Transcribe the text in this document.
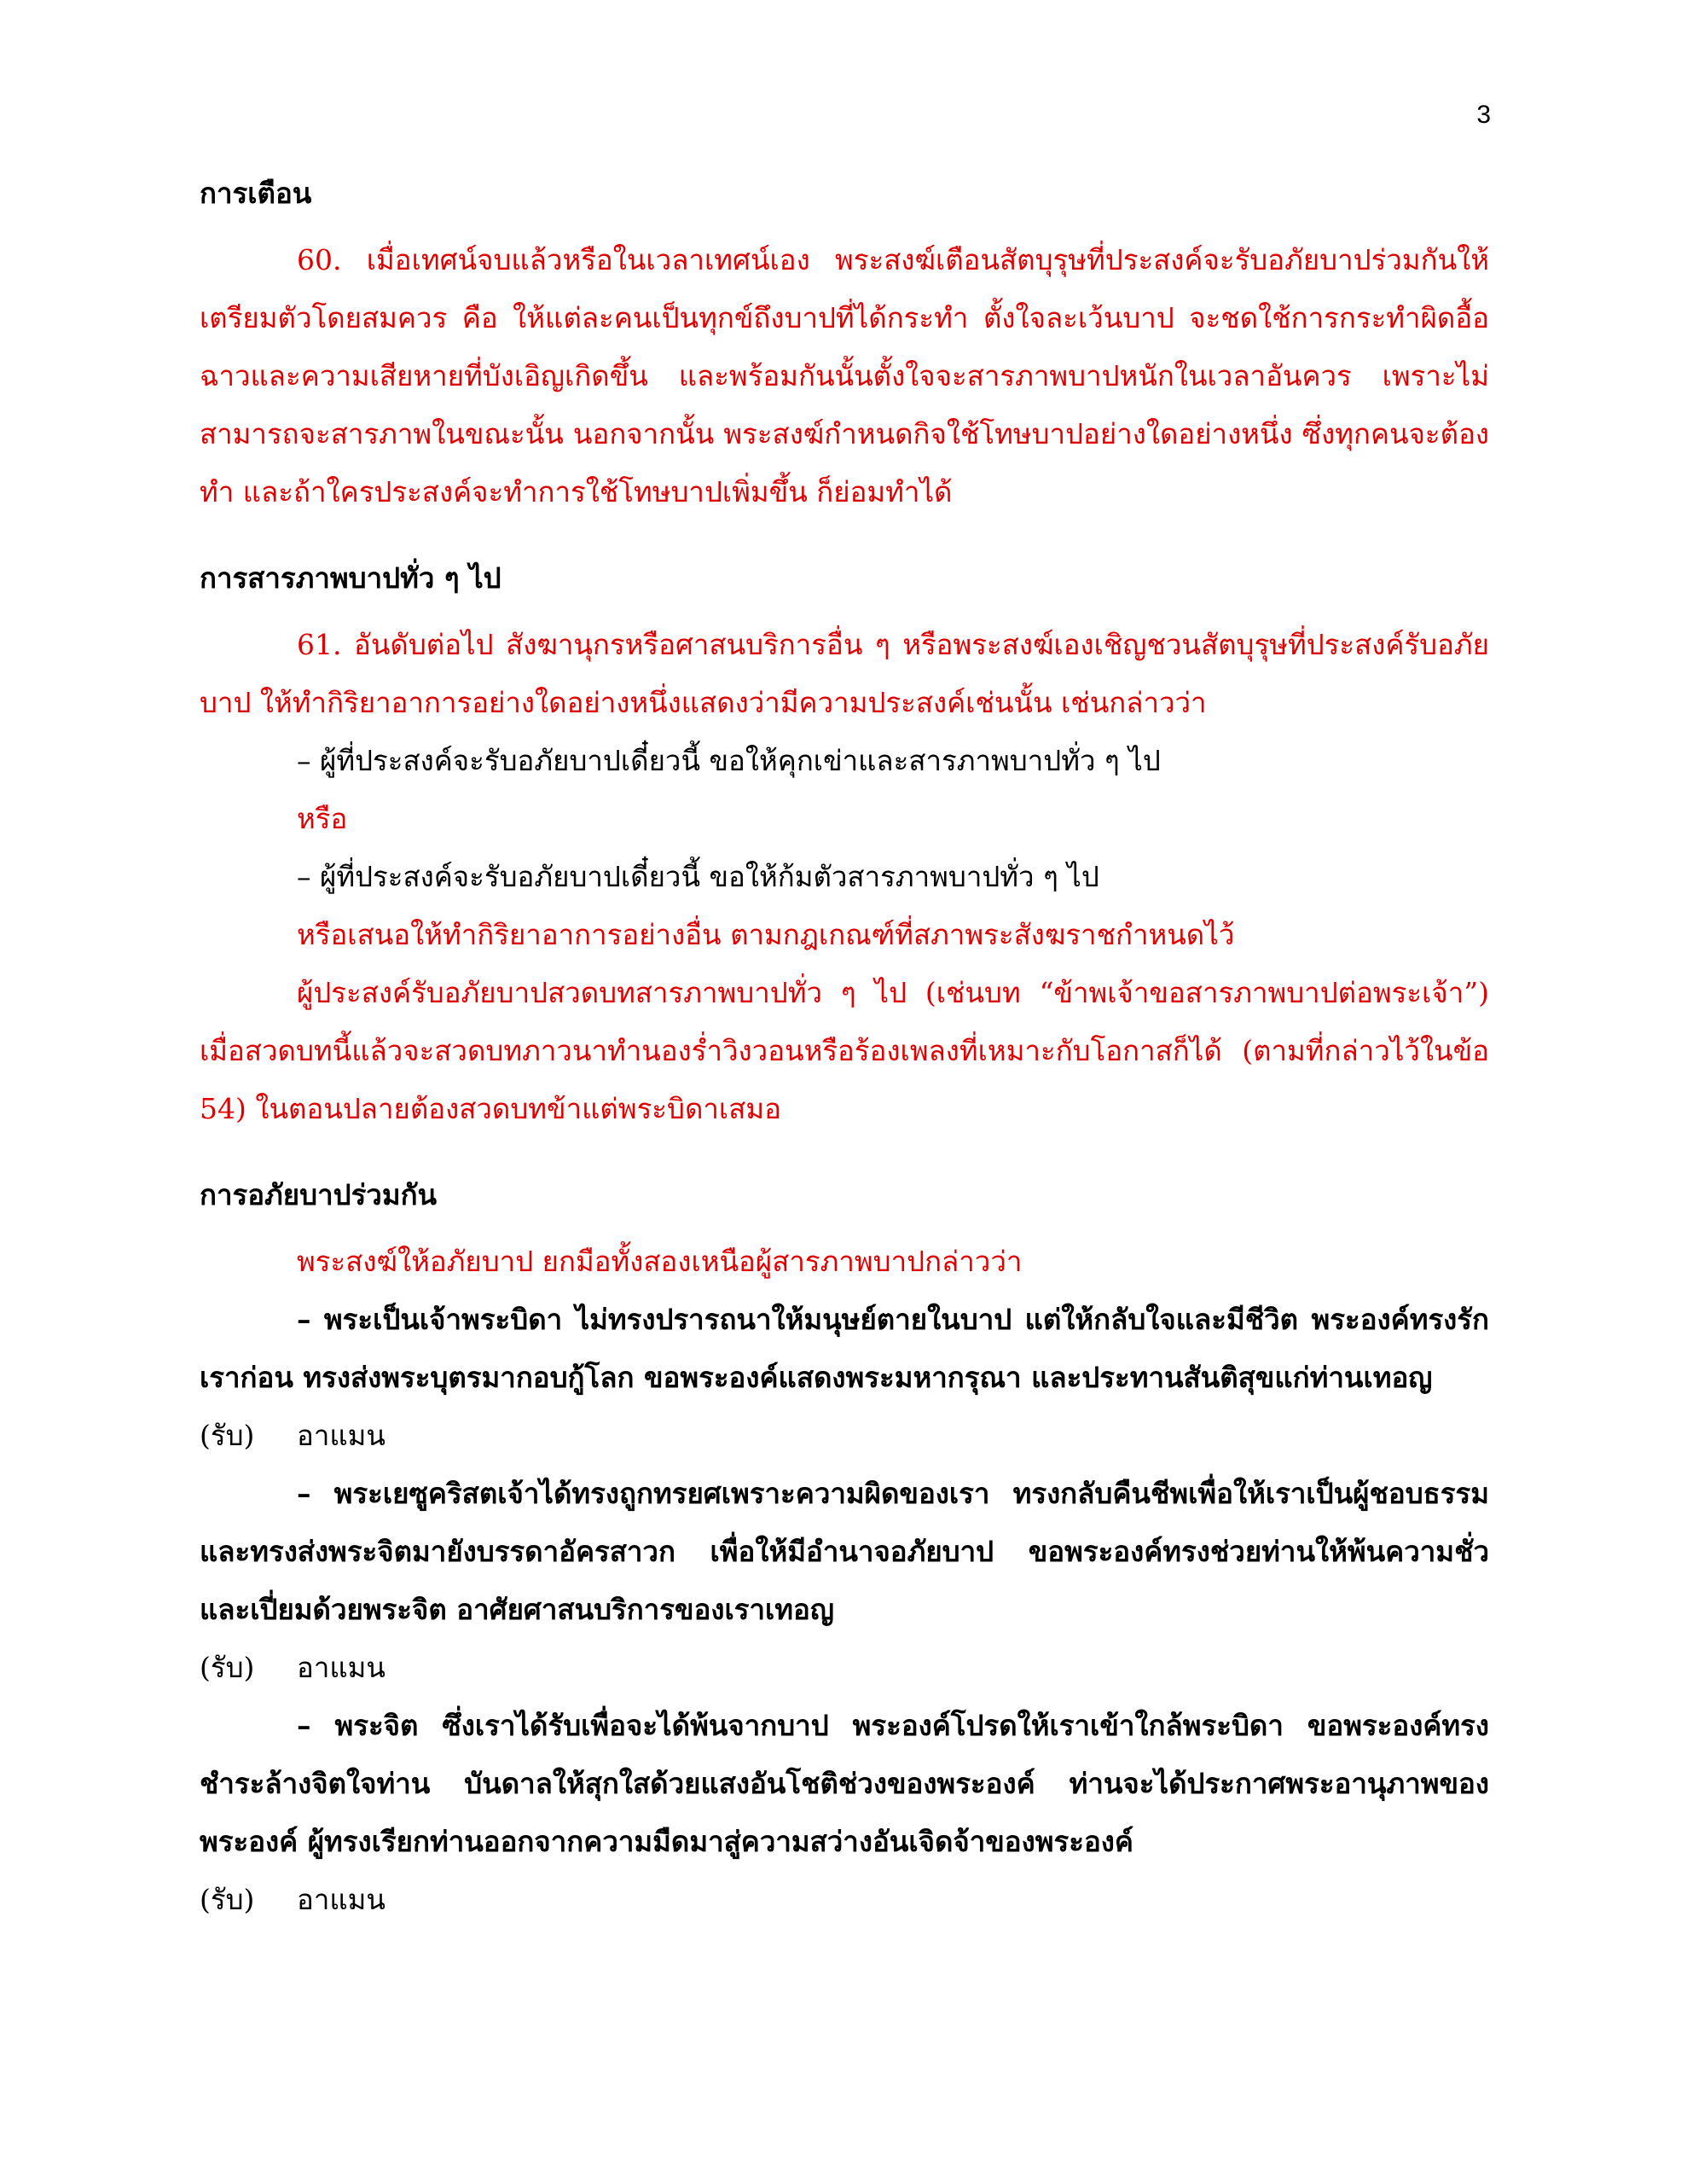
3
การเตือน

60. เมื่อเทศน์จบแล้วหรือในเวลาเทศน์เอง พระสงฆ์เตือนสัตบุรุษที่ประสงค์จะรับอภัยบาปร่วมกันให้เตรียมตัวโดยสมควร คือ ให้แต่ละคนเป็นทุกข์ถึงบาปที่ได้กระทำ ตั้งใจละเว้นบาป จะชดใช้การกระทำผิดอื้อฉาวและความเสียหายที่บังเอิญเกิดขึ้น และพร้อมกันนั้นตั้งใจจะสารภาพบาปหนักในเวลาอันควร เพราะไม่สามารถจะสารภาพในขณะนั้น นอกจากนั้น พระสงฆ์กำหนดกิจใช้โทษบาปอย่างใดอย่างหนึ่ง ซึ่งทุกคนจะต้องทำ และถ้าใครประสงค์จะทำการใช้โทษบาปเพิ่มขึ้น ก็ย่อมทำได้

การสารภาพบาปทั่ว ๆ ไป

61. อันดับต่อไป สังฆานุกรหรือศาสนบริการอื่น ๆ หรือพระสงฆ์เองเชิญชวนสัตบุรุษที่ประสงค์รับอภัยบาป ให้ทำกิริยาอาการอย่างใดอย่างหนึ่งแสดงว่ามีความประสงค์เช่นนั้น เช่นกล่าวว่า

– ผู้ที่ประสงค์จะรับอภัยบาปเดี๋ยวนี้ ขอให้คุกเข่าและสารภาพบาปทั่ว ๆ ไป

หรือ

– ผู้ที่ประสงค์จะรับอภัยบาปเดี๋ยวนี้ ขอให้ก้มตัวสารภาพบาปทั่ว ๆ ไป

หรือเสนอให้ทำกิริยาอาการอย่างอื่น ตามกฎเกณฑ์ที่สภาพระสังฆราชกำหนดไว้

ผู้ประสงค์รับอภัยบาปสวดบทสารภาพบาปทั่ว ๆ ไป (เช่นบท “ข้าพเจ้าขอสารภาพบาปต่อพระเจ้า”) เมื่อสวดบทนี้แล้วจะสวดบทภาวนาทำนองร่ำวิงวอนหรือร้องเพลงที่เหมาะกับโอกาสก็ได้ (ตามที่กล่าวไว้ในข้อ 54) ในตอนปลายต้องสวดบทข้าแต่พระบิดาเสมอ

การอภัยบาปร่วมกัน

พระสงฆ์ให้อภัยบาป ยกมือทั้งสองเหนือผู้สารภาพบาปกล่าวว่า

– พระเป็นเจ้าพระบิดา ไม่ทรงปรารถนาให้มนุษย์ตายในบาป แต่ให้กลับใจและมีชีวิต พระองค์ทรงรักเราก่อน ทรงส่งพระบุตรมากอบกู้โลก ขอพระองค์แสดงพระมหากรุณา และประทานสันติสุขแก่ท่านเทอญ

(รับ) อาแมน

– พระเยซูคริสตเจ้าได้ทรงถูกทรยศเพราะความผิดของเรา ทรงกลับคืนชีพเพื่อให้เราเป็นผู้ชอบธรรม และทรงส่งพระจิตมายังบรรดาอัครสาวก เพื่อให้มีอำนาจอภัยบาป ขอพระองค์ทรงช่วยท่านให้พ้นความชั่ว และเปี่ยมด้วยพระจิต อาศัยศาสนบริการของเราเทอญ

(รับ) อาแมน

– พระจิต ซึ่งเราได้รับเพื่อจะได้พ้นจากบาป พระองค์โปรดให้เราเข้าใกล้พระบิดา ขอพระองค์ทรงชำระล้างจิตใจท่าน บันดาลให้สุกใสด้วยแสงอันโชติช่วงของพระองค์ ท่านจะได้ประกาศพระอานุภาพของพระองค์ ผู้ทรงเรียกท่านออกจากความมืดมาสู่ความสว่างอันเจิดจ้าของพระองค์

(รับ) อาแมน
